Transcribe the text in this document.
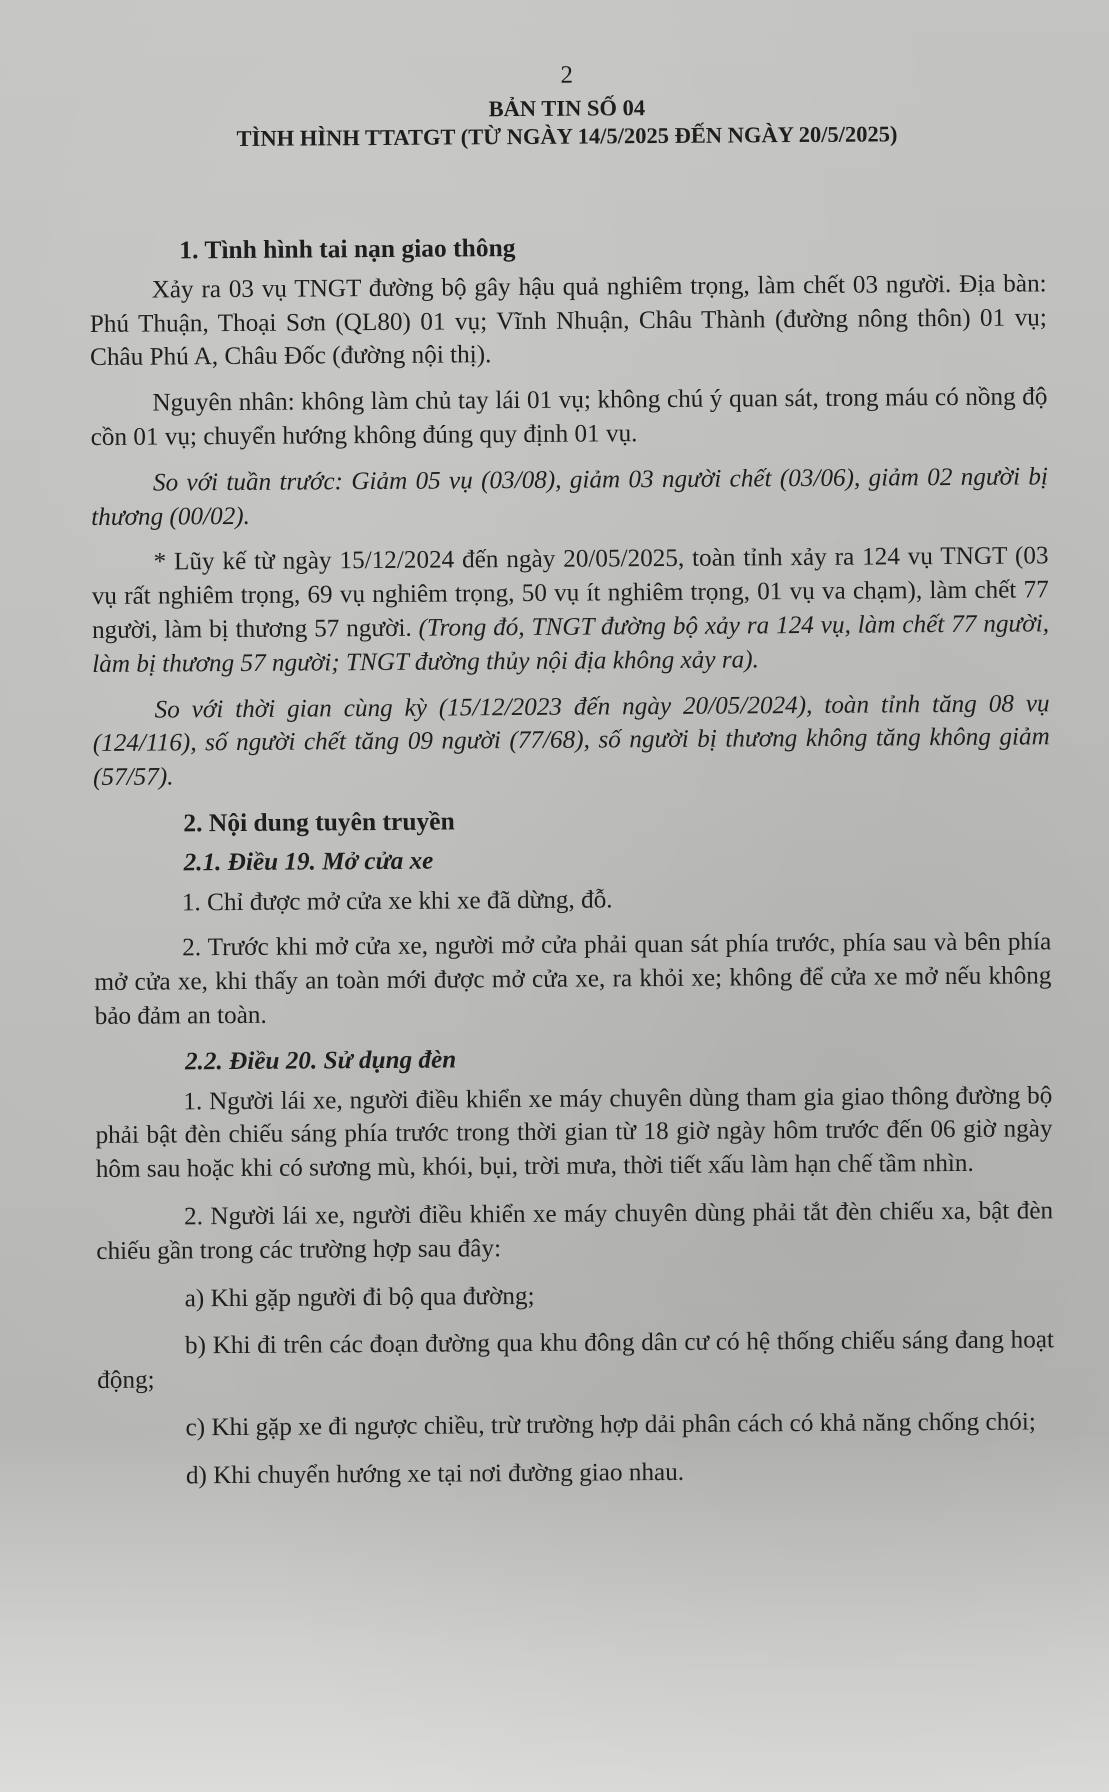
2
BẢN TIN SỐ 04
TÌNH HÌNH TTATGT (TỪ NGÀY 14/5/2025 ĐẾN NGÀY 20/5/2025)
1. Tình hình tai nạn giao thông

Xảy ra 03 vụ TNGT đường bộ gây hậu quả nghiêm trọng, làm chết 03 người. Địa bàn: Phú Thuận, Thoại Sơn (QL80) 01 vụ; Vĩnh Nhuận, Châu Thành (đường nông thôn) 01 vụ; Châu Phú A, Châu Đốc (đường nội thị).

Nguyên nhân: không làm chủ tay lái 01 vụ; không chú ý quan sát, trong máu có nồng độ cồn 01 vụ; chuyển hướng không đúng quy định 01 vụ.

So với tuần trước: Giảm 05 vụ (03/08), giảm 03 người chết (03/06), giảm 02 người bị thương (00/02).

* Lũy kế từ ngày 15/12/2024 đến ngày 20/05/2025, toàn tỉnh xảy ra 124 vụ TNGT (03 vụ rất nghiêm trọng, 69 vụ nghiêm trọng, 50 vụ ít nghiêm trọng, 01 vụ va chạm), làm chết 77 người, làm bị thương 57 người. (Trong đó, TNGT đường bộ xảy ra 124 vụ, làm chết 77 người, làm bị thương 57 người; TNGT đường thủy nội địa không xảy ra).

So với thời gian cùng kỳ (15/12/2023 đến ngày 20/05/2024), toàn tỉnh tăng 08 vụ (124/116), số người chết tăng 09 người (77/68), số người bị thương không tăng không giảm (57/57).

2. Nội dung tuyên truyền
2.1. Điều 19. Mở cửa xe

1. Chỉ được mở cửa xe khi xe đã dừng, đỗ.

2. Trước khi mở cửa xe, người mở cửa phải quan sát phía trước, phía sau và bên phía mở cửa xe, khi thấy an toàn mới được mở cửa xe, ra khỏi xe; không để cửa xe mở nếu không bảo đảm an toàn.

2.2. Điều 20. Sử dụng đèn

1. Người lái xe, người điều khiển xe máy chuyên dùng tham gia giao thông đường bộ phải bật đèn chiếu sáng phía trước trong thời gian từ 18 giờ ngày hôm trước đến 06 giờ ngày hôm sau hoặc khi có sương mù, khói, bụi, trời mưa, thời tiết xấu làm hạn chế tầm nhìn.

2. Người lái xe, người điều khiển xe máy chuyên dùng phải tắt đèn chiếu xa, bật đèn chiếu gần trong các trường hợp sau đây:

a) Khi gặp người đi bộ qua đường;

b) Khi đi trên các đoạn đường qua khu đông dân cư có hệ thống chiếu sáng đang hoạt động;

c) Khi gặp xe đi ngược chiều, trừ trường hợp dải phân cách có khả năng chống chói;

d) Khi chuyển hướng xe tại nơi đường giao nhau.
